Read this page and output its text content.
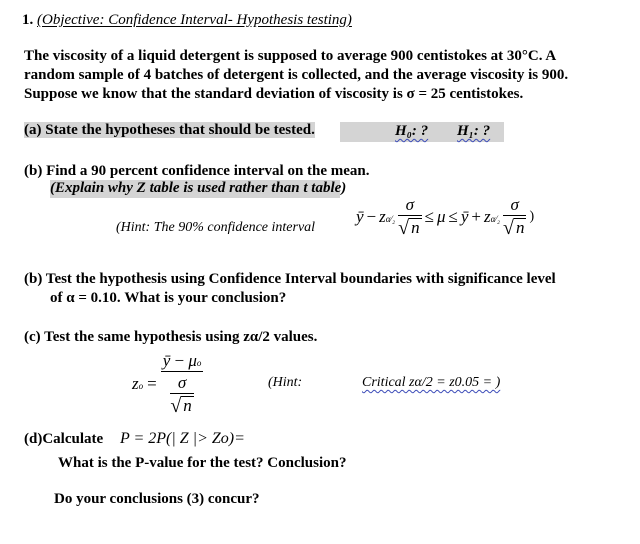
1. (Objective: Confidence Interval- Hypothesis testing)
The viscosity of a liquid detergent is supposed to average 900 centistokes at 30°C. A
random sample of 4 batches of detergent is collected, and the average viscosity is 900.
Suppose we know that the standard deviation of viscosity is σ = 25 centistokes.
(a) State the hypotheses that should be tested.	H₀: ? H₁: ?
(b) Find a 90 percent confidence interval on the mean.
(Explain why Z table is used rather than t table)
(Hint: The 90% confidence interval
ȳ − zα⁄₂ $\frac{\sigma}{√ n} \le \mu$ ≤ ȳ + zα⁄₂ $\frac{\sigma}{√ n}$ )
(b) Test the hypothesis using Confidence Interval boundaries with significance level
of α = 0.10. What is your conclusion?
(c) Test the same hypothesis using zα/2 values.
zo = $\frac{ȳ - \mu o}{\frac{\sigma}{√ n}}$	(Hint:	Critical zα/2 = z0.05 = )
(d)Calculate P = 2P(| Z |> Zo)=
What is the P-value for the test? Conclusion?
Do your conclusions (3) concur?
